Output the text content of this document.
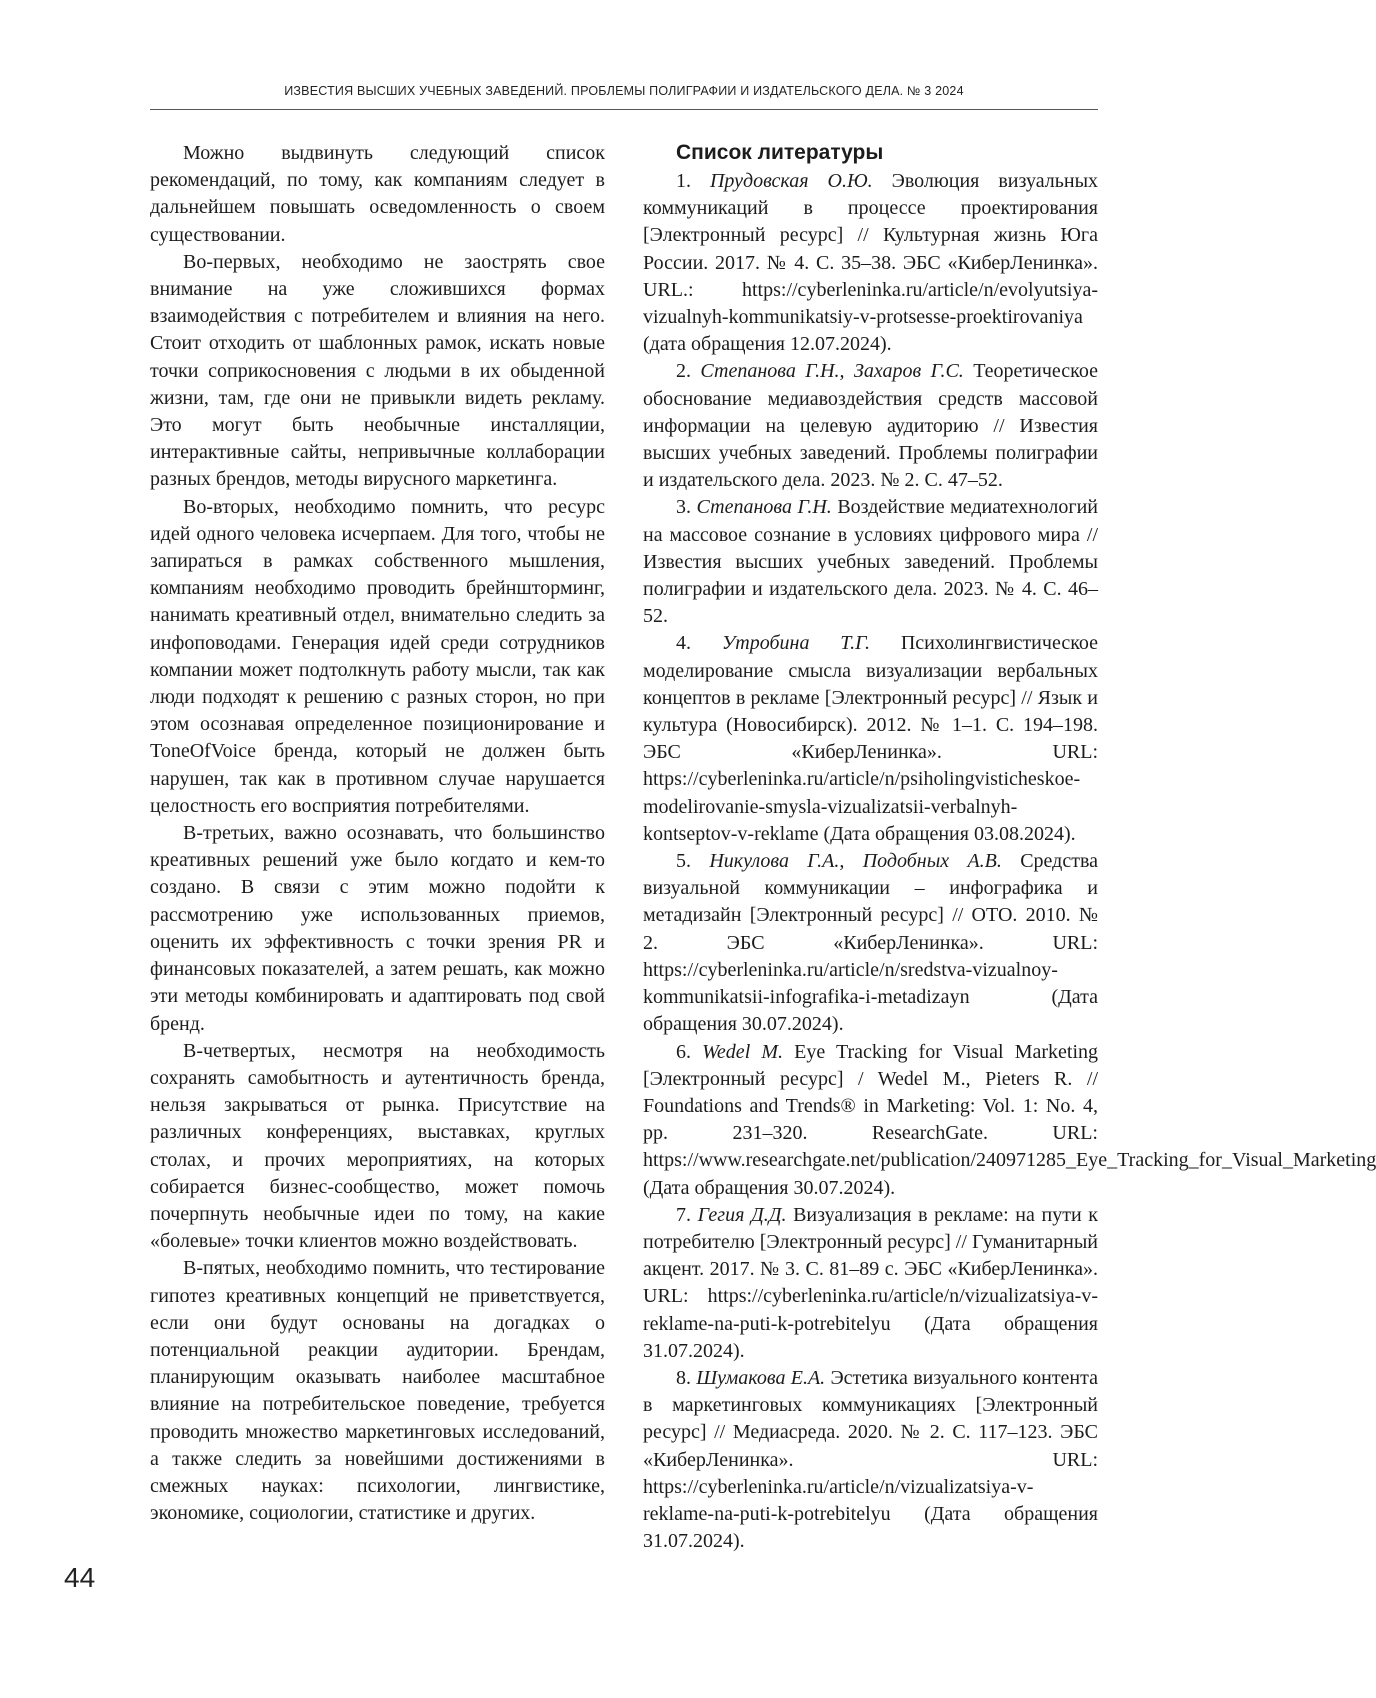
ИЗВЕСТИЯ ВЫСШИХ УЧЕБНЫХ ЗАВЕДЕНИЙ. ПРОБЛЕМЫ ПОЛИГРАФИИ И ИЗДАТЕЛЬСКОГО ДЕЛА. № 3 2024

Можно выдвинуть следующий список рекомендаций, по тому, как компаниям следует в дальнейшем повышать осведомленность о своем существовании.

Во-первых, необходимо не заострять свое внимание на уже сложившихся формах взаимодействия с потребителем и влияния на него. Стоит отходить от шаблонных рамок, искать новые точки соприкосновения с людьми в их обыденной жизни, там, где они не привыкли видеть рекламу. Это могут быть необычные инсталляции, интерактивные сайты, непривычные коллаборации разных брендов, методы вирусного маркетинга.

Во-вторых, необходимо помнить, что ресурс идей одного человека исчерпаем. Для того, чтобы не запираться в рамках собственного мышления, компаниям необходимо проводить брейншторминг, нанимать креативный отдел, внимательно следить за инфоповодами. Генерация идей среди сотрудников компании может подтолкнуть работу мысли, так как люди подходят к решению с разных сторон, но при этом осознавая определенное позиционирование и ToneOfVoice бренда, который не должен быть нарушен, так как в противном случае нарушается целостность его восприятия потребителями.

В-третьих, важно осознавать, что большинство креативных решений уже было когдато и кем-то создано. В связи с этим можно подойти к рассмотрению уже использованных приемов, оценить их эффективность с точки зрения PR и финансовых показателей, а затем решать, как можно эти методы комбинировать и адаптировать под свой бренд.

В-четвертых, несмотря на необходимость сохранять самобытность и аутентичность бренда, нельзя закрываться от рынка. Присутствие на различных конференциях, выставках, круглых столах, и прочих мероприятиях, на которых собирается бизнес-сообщество, может помочь почерпнуть необычные идеи по тому, на какие «болевые» точки клиентов можно воздействовать.

В-пятых, необходимо помнить, что тестирование гипотез креативных концепций не приветствуется, если они будут основаны на догадках о потенциальной реакции аудитории. Брендам, планирующим оказывать наиболее масштабное влияние на потребительское поведение, требуется проводить множество маркетинговых исследований, а также следить за новейшими достижениями в смежных науках: психологии, лингвистике, экономике, социологии, статистике и других.

Список литературы

1. Прудовская О.Ю. Эволюция визуальных коммуникаций в процессе проектирования [Электронный ресурс] // Культурная жизнь Юга России. 2017. № 4. С. 35–38. ЭБС «КиберЛенинка». URL.: https://cyberleninka.ru/article/n/evolyutsiya-vizualnyh-kommunikatsiy-v-protsesse-proektirovaniya (дата обращения 12.07.2024).

2. Степанова Г.Н., Захаров Г.С. Теоретическое обоснование медиавоздействия средств массовой информации на целевую аудиторию // Известия высших учебных заведений. Проблемы полиграфии и издательского дела. 2023. № 2. С. 47–52.

3. Степанова Г.Н. Воздействие медиатехнологий на массовое сознание в условиях цифрового мира // Известия высших учебных заведений. Проблемы полиграфии и издательского дела. 2023. № 4. С. 46–52.

4. Утробина Т.Г. Психолингвистическое моделирование смысла визуализации вербальных концептов в рекламе [Электронный ресурс] // Язык и культура (Новосибирск). 2012. № 1–1. С. 194–198. ЭБС «КиберЛенинка». URL: https://cyberleninka.ru/article/n/psiholingvisticheskoe-modelirovanie-smysla-vizualizatsii-verbalnyh-kontseptov-v-reklame (Дата обращения 03.08.2024).

5. Никулова Г.А., Подобных А.В. Средства визуальной коммуникации – инфографика и метадизайн [Электронный ресурс] // ОТО. 2010. № 2. ЭБС «КиберЛенинка». URL: https://cyberleninka.ru/article/n/sredstva-vizualnoy-kommunikatsii-infografika-i-metadizayn (Дата обращения 30.07.2024).

6. Wedel M. Eye Tracking for Visual Marketing [Электронный ресурс] / Wedel M., Pieters R. // Foundations and Trends® in Marketing: Vol. 1: No. 4, pp. 231–320. ResearchGate. URL: https://www.researchgate.net/publication/240971285_Eye_Tracking_for_Visual_Marketing (Дата обращения 30.07.2024).

7. Гегия Д.Д. Визуализация в рекламе: на пути к потребителю [Электронный ресурс] // Гуманитарный акцент. 2017. № 3. С. 81–89 с. ЭБС «КиберЛенинка». URL: https://cyberleninka.ru/article/n/vizualizatsiya-v-reklame-na-puti-k-potrebitelyu (Дата обращения 31.07.2024).

8. Шумакова Е.А. Эстетика визуального контента в маркетинговых коммуникациях [Электронный ресурс] // Медиасреда. 2020. № 2. С. 117–123. ЭБС «КиберЛенинка». URL: https://cyberleninka.ru/article/n/vizualizatsiya-v-reklame-na-puti-k-potrebitelyu (Дата обращения 31.07.2024).

44
